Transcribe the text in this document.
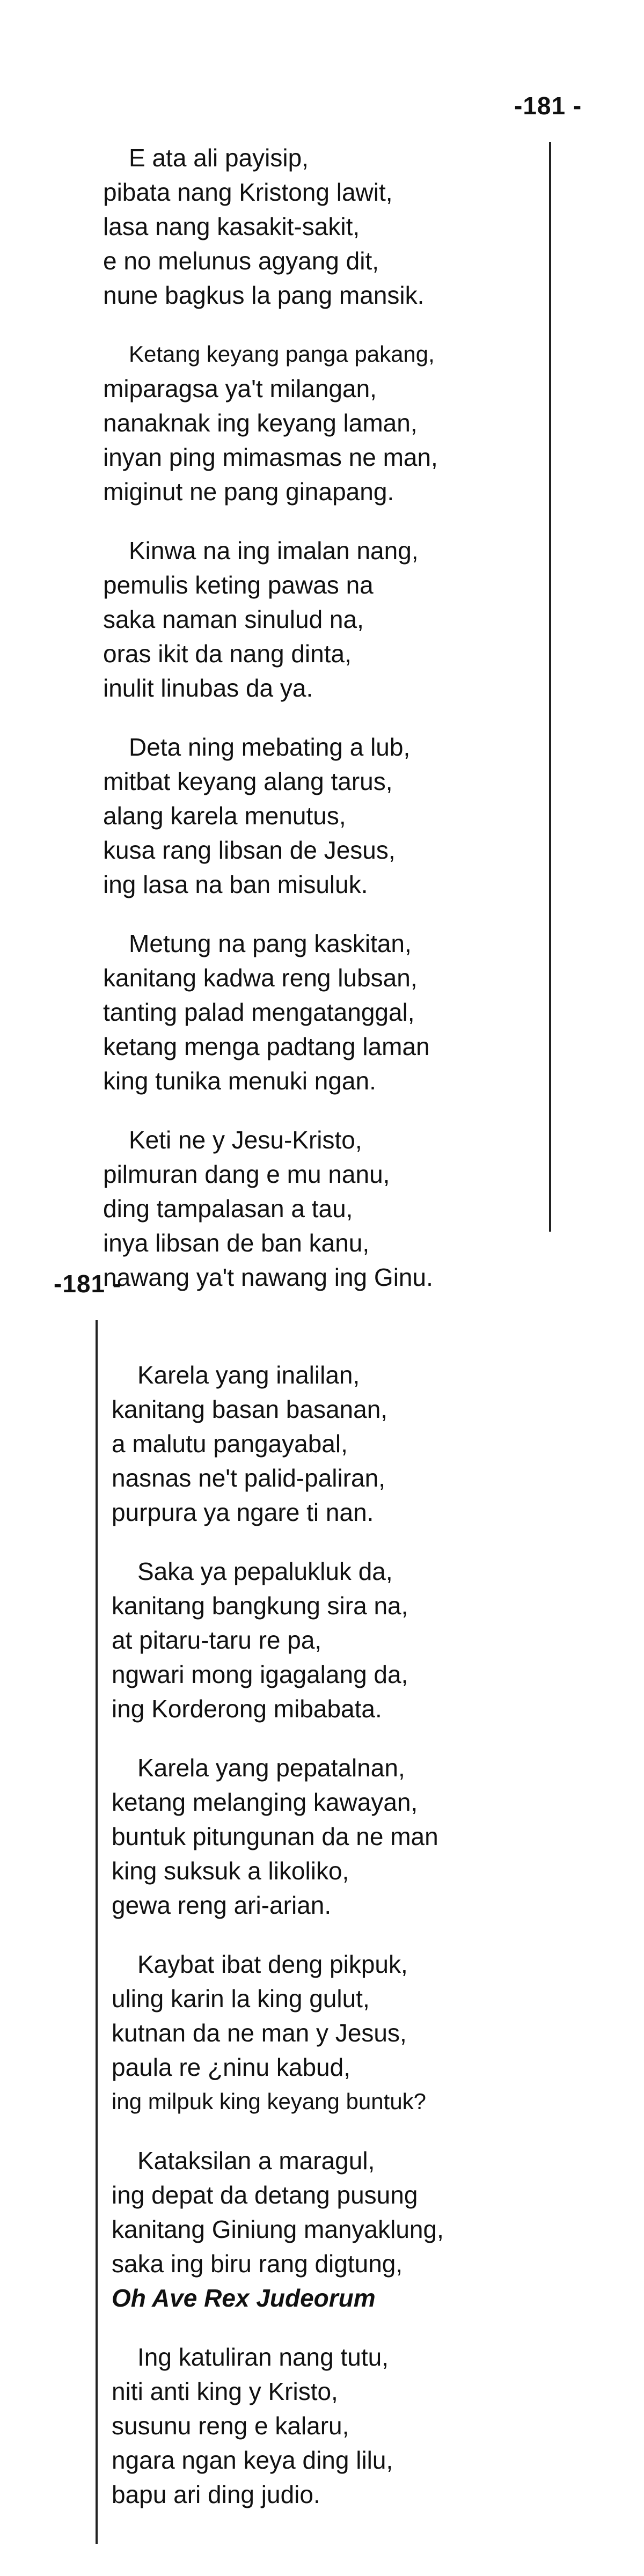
-181 -
E ata ali payisip,
pibata nang Kristong lawit,
lasa nang kasakit-sakit,
e no melunus agyang dit,
nune bagkus la pang mansik.
Ketang keyang panga pakang,
miparagsa ya't milangan,
nanaknak ing keyang laman,
inyan ping mimasmas ne man,
miginut ne pang ginapang.
Kinwa na ing imalan nang,
pemulis keting pawas na
saka naman sinulud na,
oras ikit da nang dinta,
inulit linubas da ya.
Deta ning mebating a lub,
mitbat keyang alang tarus,
alang karela menutus,
kusa rang libsan de Jesus,
ing lasa na ban misuluk.
Metung na pang kaskitan,
kanitang kadwa reng lubsan,
tanting palad mengatanggal,
ketang menga padtang laman
king tunika menuki ngan.
Keti ne y Jesu-Kristo,
pilmuran dang e mu nanu,
ding tampalasan a tau,
inya libsan de ban kanu,
nawang ya't nawang ing Ginu.
-181 -
Karela yang inalilan,
kanitang basan basanan,
a malutu pangayabal,
nasnas ne't palid-paliran,
purpura ya ngare ti nan.
Saka ya pepalukluk da,
kanitang bangkung sira na,
at pitaru-taru re pa,
ngwari mong igagalang da,
ing Korderong mibabata.
Karela yang pepatalnan,
ketang melanging kawayan,
buntuk pitungunan da ne man
king suksuk a likoliko,
gewa reng ari-arian.
Kaybat ibat deng pikpuk,
uling karin la king gulut,
kutnan da ne man y Jesus,
paula re ¿ninu kabud,
ing milpuk king keyang buntuk?
Kataksilan a maragul,
ing depat da detang pusung
kanitang Giniung manyaklung,
saka ing biru rang digtung,
Oh Ave Rex Judeorum
Ing katuliran nang tutu,
niti anti king y Kristo,
susunu reng e kalaru,
ngara ngan keya ding lilu,
bapu ari ding judio.
